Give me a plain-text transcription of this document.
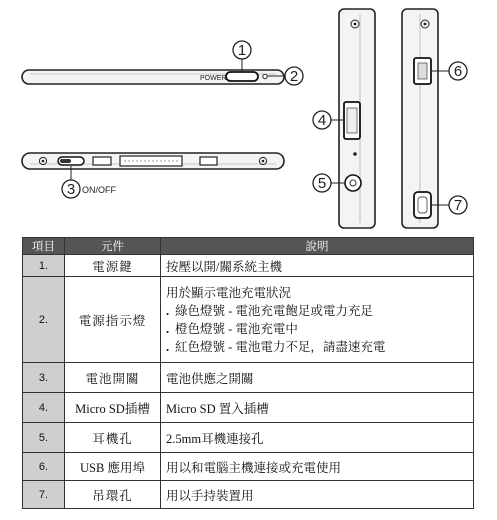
POWER
1
2
3 ON/OFF
4
5
6
7
項目	元件	說明
1.	電源鍵	按壓以開/關系統主機
2.	電源指示燈	用於顯示電池充電狀況
. 綠色燈號 - 電池充電飽足或電力充足
. 橙色燈號 - 電池充電中
. 紅色燈號 - 電池電力不足，請盡速充電

3.	電池開關	電池供應之開關
4.	Micro SD插槽	Micro SD 置入插槽
5.	耳機孔	2.5mm耳機連接孔
6.	USB 應用埠	用以和電腦主機連接或充電使用
7.	吊環孔	用以手持裝置用
